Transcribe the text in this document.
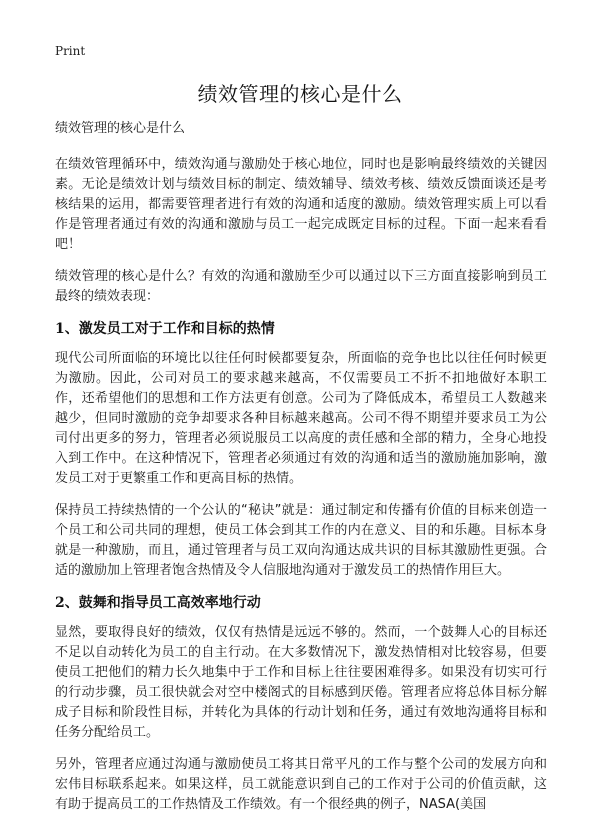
Print
绩效管理的核心是什么

绩效管理的核心是什么

在绩效管理循环中，绩效沟通与激励处于核心地位，同时也是影响最终绩效的关键因素。无论是绩效计划与绩效目标的制定、绩效辅导、绩效考核、绩效反馈面谈还是考核结果的运用，都需要管理者进行有效的沟通和适度的激励。绩效管理实质上可以看作是管理者通过有效的沟通和激励与员工一起完成既定目标的过程。下面一起来看看吧！

绩效管理的核心是什么？有效的沟通和激励至少可以通过以下三方面直接影响到员工最终的绩效表现：

1、激发员工对于工作和目标的热情

现代公司所面临的环境比以往任何时候都要复杂，所面临的竞争也比以往任何时候更为激励。因此，公司对员工的要求越来越高，不仅需要员工不折不扣地做好本职工作，还希望他们的思想和工作方法更有创意。公司为了降低成本，希望员工人数越来越少，但同时激励的竞争却要求各种目标越来越高。公司不得不期望并要求员工为公司付出更多的努力，管理者必须说服员工以高度的责任感和全部的精力，全身心地投入到工作中。在这种情况下，管理者必须通过有效的沟通和适当的激励施加影响，激发员工对于更繁重工作和更高目标的热情。

保持员工持续热情的一个公认的“秘诀”就是：通过制定和传播有价值的目标来创造一个员工和公司共同的理想，使员工体会到其工作的内在意义、目的和乐趣。目标本身就是一种激励，而且，通过管理者与员工双向沟通达成共识的目标其激励性更强。合适的激励加上管理者饱含热情及令人信服地沟通对于激发员工的热情作用巨大。

2、鼓舞和指导员工高效率地行动

显然，要取得良好的绩效，仅仅有热情是远远不够的。然而，一个鼓舞人心的目标还不足以自动转化为员工的自主行动。在大多数情况下，激发热情相对比较容易，但要使员工把他们的精力长久地集中于工作和目标上往往要困难得多。如果没有切实可行的行动步骤，员工很快就会对空中楼阁式的目标感到厌倦。管理者应将总体目标分解成子目标和阶段性目标，并转化为具体的行动计划和任务，通过有效地沟通将目标和任务分配给员工。

另外，管理者应通过沟通与激励使员工将其日常平凡的工作与整个公司的发展方向和宏伟目标联系起来。如果这样，员工就能意识到自己的工作对于公司的价值贡献，这有助于提高员工的工作热情及工作绩效。有一个很经典的例子，NASA(美国
